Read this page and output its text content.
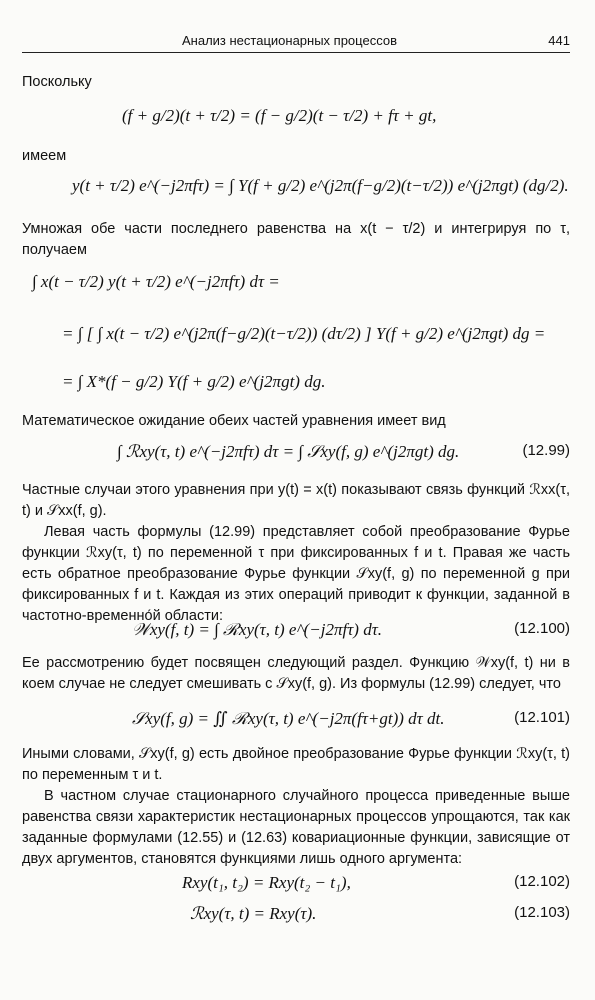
Анализ нестационарных процессов	441
Поскольку
(f + g/2)(t + τ/2) = (f − g/2)(t − τ/2) + fτ + gt,
имеем
y(t + τ/2) e^(−j2πfτ) = ∫ Y(f + g/2) e^(j2π(f−g/2)(t−τ/2)) e^(j2πgt) (dg/2).
Умножая обе части последнего равенства на x(t − τ/2) и интегрируя по τ, получаем
∫ x(t − τ/2) y(t + τ/2) e^(−j2πfτ) dτ =
= ∫ [ ∫ x(t − τ/2) e^(j2π(f−g/2)(t−τ/2)) (dτ/2) ] Y(f + g/2) e^(j2πgt) dg =
= ∫ X*(f − g/2) Y(f + g/2) e^(j2πgt) dg.
Математическое ожидание обеих частей уравнения имеет вид
∫ ℛxy(τ, t) e^(−j2πfτ) dτ = ∫ 𝒮xy(f, g) e^(j2πgt) dg.	(12.99)
Частные случаи этого уравнения при y(t) = x(t) показывают связь функций ℛxx(τ, t) и 𝒮xx(f, g).
Левая часть формулы (12.99) представляет собой преобразование Фурье функции ℛxy(τ, t) по переменной τ при фиксированных f и t. Правая же часть есть обратное преобразование Фурье функции 𝒮xy(f, g) по переменной g при фиксированных f и t. Каждая из этих операций приводит к функции, заданной в частотно-временно́й области:
𝒲xy(f, t) = ∫ ℛxy(τ, t) e^(−j2πfτ) dτ.	(12.100)
Ее рассмотрению будет посвящен следующий раздел. Функцию 𝒲xy(f, t) ни в коем случае не следует смешивать с 𝒮xy(f, g). Из формулы (12.99) следует, что
𝒮xy(f, g) = ∬ ℛxy(τ, t) e^(−j2π(fτ+gt)) dτ dt.	(12.101)
Иными словами, 𝒮xy(f, g) есть двойное преобразование Фурье функции ℛxy(τ, t) по переменным τ и t.
В частном случае стационарного случайного процесса приведенные выше равенства связи характеристик нестационарных процессов упрощаются, так как заданные формулами (12.55) и (12.63) ковариационные функции, зависящие от двух аргументов, становятся функциями лишь одного аргумента:
Rxy(t₁, t₂) = Rxy(t₂ − t₁),	(12.102)
ℛxy(τ, t) = Rxy(τ).	(12.103)
